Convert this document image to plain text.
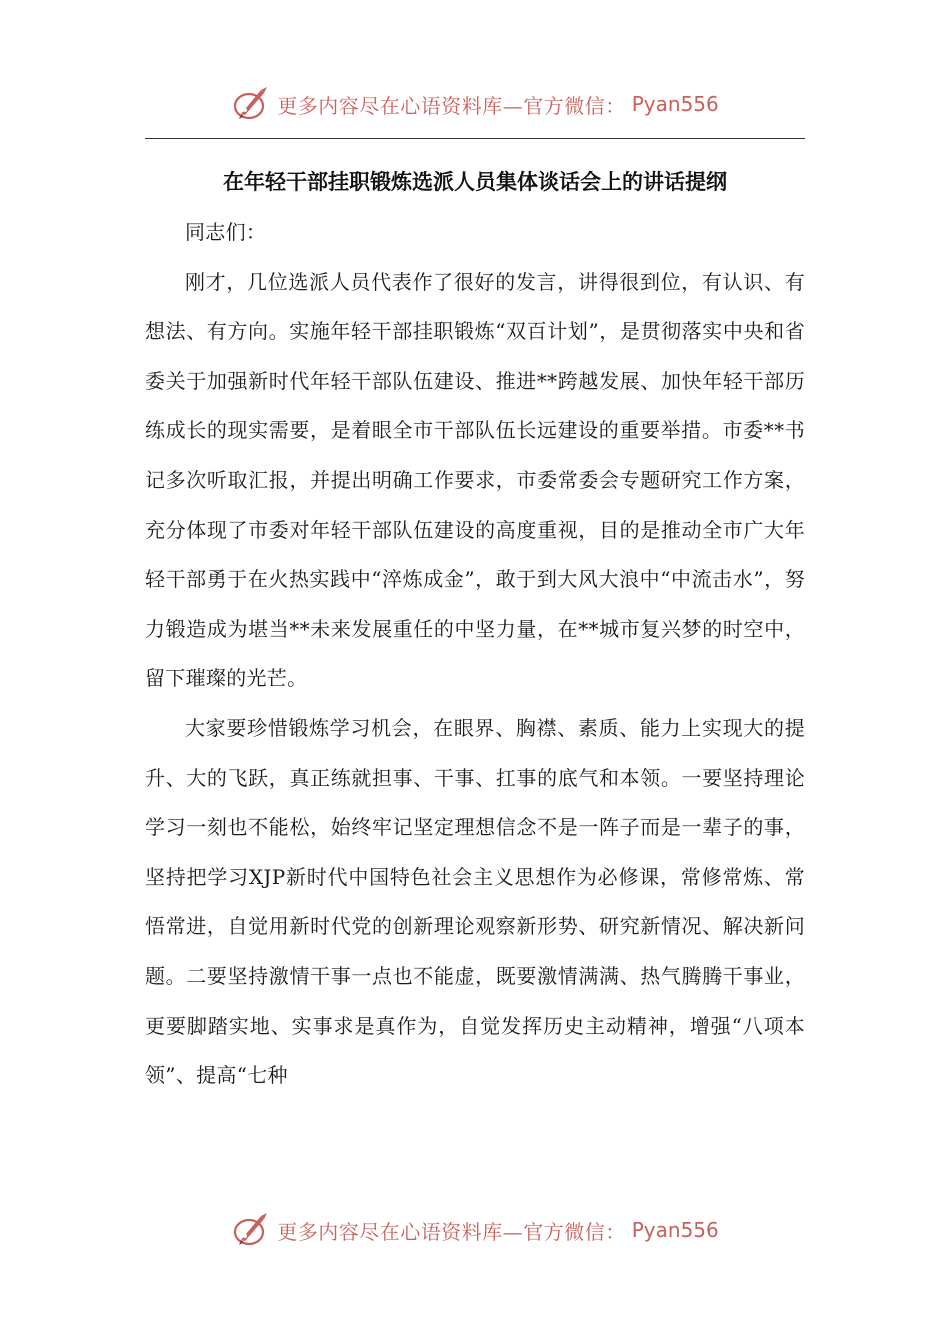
更多内容尽在心语资料库—官方微信： Pyan556
在年轻干部挂职锻炼选派人员集体谈话会上的讲话提纲

同志们：

刚才，几位选派人员代表作了很好的发言，讲得很到位，有认识、有想法、有方向。实施年轻干部挂职锻炼“双百计划”，是贯彻落实中央和省委关于加强新时代年轻干部队伍建设、推进**跨越发展、加快年轻干部历练成长的现实需要，是着眼全市干部队伍长远建设的重要举措。市委**书记多次听取汇报，并提出明确工作要求，市委常委会专题研究工作方案，充分体现了市委对年轻干部队伍建设的高度重视，目的是推动全市广大年轻干部勇于在火热实践中“淬炼成金”，敢于到大风大浪中“中流击水”，努力锻造成为堪当**未来发展重任的中坚力量，在**城市复兴梦的时空中，留下璀璨的光芒。

大家要珍惜锻炼学习机会，在眼界、胸襟、素质、能力上实现大的提升、大的飞跃，真正练就担事、干事、扛事的底气和本领。一要坚持理论学习一刻也不能松，始终牢记坚定理想信念不是一阵子而是一辈子的事，坚持把学习XJP新时代中国特色社会主义思想作为必修课，常修常炼、常悟常进，自觉用新时代党的创新理论观察新形势、研究新情况、解决新问题。二要坚持激情干事一点也不能虚，既要激情满满、热气腾腾干事业，更要脚踏实地、实事求是真作为，自觉发挥历史主动精神，增强“八项本领”、提高“七种

更多内容尽在心语资料库—官方微信： Pyan556
